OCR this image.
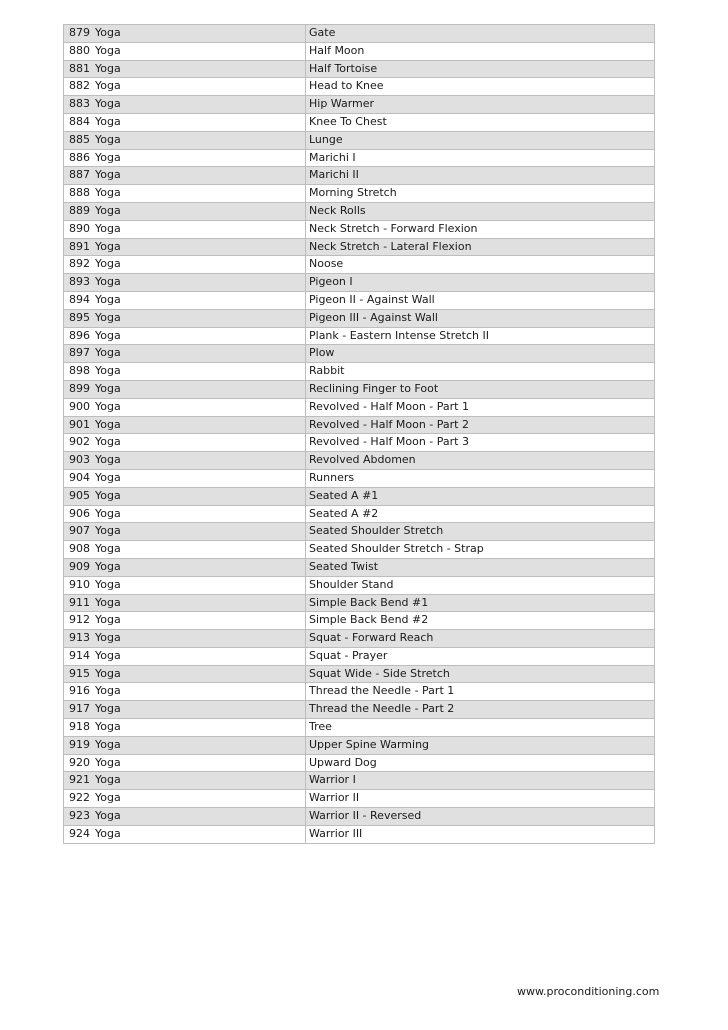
879 Yoga	Gate
880 Yoga	Half Moon
881 Yoga	Half Tortoise
882 Yoga	Head to Knee
883 Yoga	Hip Warmer
884 Yoga	Knee To Chest
885 Yoga	Lunge
886 Yoga	Marichi I
887 Yoga	Marichi II
888 Yoga	Morning Stretch
889 Yoga	Neck Rolls
890 Yoga	Neck Stretch - Forward Flexion
891 Yoga	Neck Stretch - Lateral Flexion
892 Yoga	Noose
893 Yoga	Pigeon I
894 Yoga	Pigeon II - Against Wall
895 Yoga	Pigeon III - Against Wall
896 Yoga	Plank - Eastern Intense Stretch II
897 Yoga	Plow
898 Yoga	Rabbit
899 Yoga	Reclining Finger to Foot
900 Yoga	Revolved - Half Moon - Part 1
901 Yoga	Revolved - Half Moon - Part 2
902 Yoga	Revolved - Half Moon - Part 3
903 Yoga	Revolved Abdomen
904 Yoga	Runners
905 Yoga	Seated A #1
906 Yoga	Seated A #2
907 Yoga	Seated Shoulder Stretch
908 Yoga	Seated Shoulder Stretch - Strap
909 Yoga	Seated Twist
910 Yoga	Shoulder Stand
911 Yoga	Simple Back Bend #1
912 Yoga	Simple Back Bend #2
913 Yoga	Squat - Forward Reach
914 Yoga	Squat - Prayer
915 Yoga	Squat Wide - Side Stretch
916 Yoga	Thread the Needle - Part 1
917 Yoga	Thread the Needle - Part 2
918 Yoga	Tree
919 Yoga	Upper Spine Warming
920 Yoga	Upward Dog
921 Yoga	Warrior I
922 Yoga	Warrior II
923 Yoga	Warrior II - Reversed
924 Yoga	Warrior III
www.proconditioning.com
